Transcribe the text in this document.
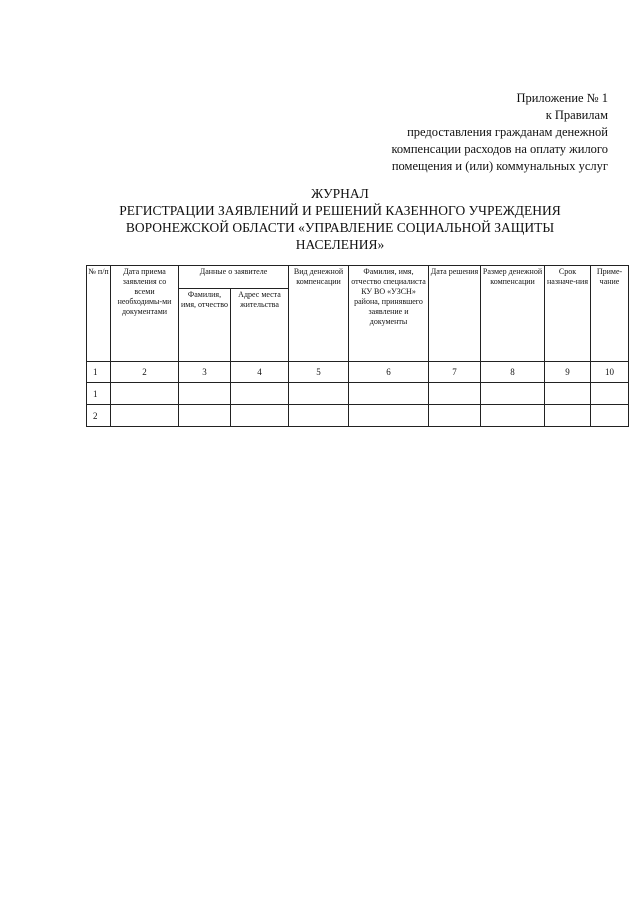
Приложение № 1
к Правилам
предоставления гражданам денежной
компенсации расходов на оплату жилого
помещения и (или) коммунальных услуг
ЖУРНАЛ
РЕГИСТРАЦИИ ЗАЯВЛЕНИЙ И РЕШЕНИЙ КАЗЕННОГО УЧРЕЖДЕНИЯ
ВОРОНЕЖСКОЙ ОБЛАСТИ «УПРАВЛЕНИЕ СОЦИАЛЬНОЙ ЗАЩИТЫ
НАСЕЛЕНИЯ»
№ п/п	Дата приема заявления со всеми необходимы-ми документами	Данные о заявителе		Вид денежной компенсации	Фамилия, имя, отчество специалиста КУ ВО «УЗСН» района, принявшего заявление и документы	Дата решения	Размер денежной компенсации	Срок назначе-ния	Приме-чание
		Фамилия, имя, отчество	Адрес места жительства						
1	2	3	4	5	6	7	8	9	10
1									
2									
